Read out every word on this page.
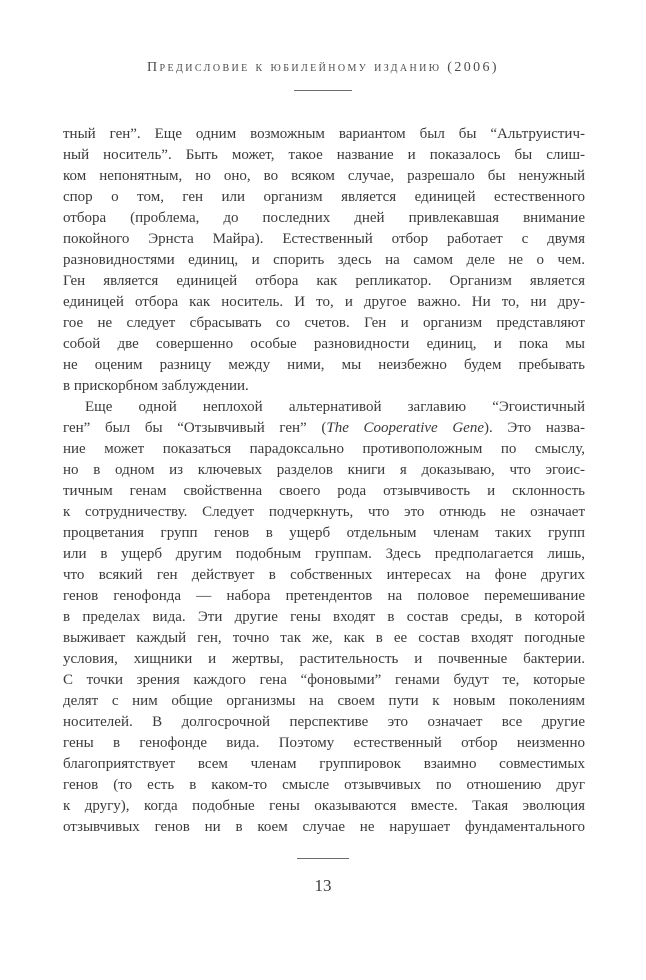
Предисловие к юбилейному изданию (2006)
тный ген”. Еще одним возможным вариантом был бы “Альтруистич-
ный носитель”. Быть может, такое название и показалось бы слиш-
ком непонятным, но оно, во всяком случае, разрешало бы ненужный
спор о том, ген или организм является единицей естественного
отбора (проблема, до последних дней привлекавшая внимание
покойного Эрнста Майра). Естественный отбор работает с двумя
разновидностями единиц, и спорить здесь на самом деле не о чем.
Ген является единицей отбора как репликатор. Организм является
единицей отбора как носитель. И то, и другое важно. Ни то, ни дру-
гое не следует сбрасывать со счетов. Ген и организм представляют
собой две совершенно особые разновидности единиц, и пока мы
не оценим разницу между ними, мы неизбежно будем пребывать
в прискорбном заблуждении.
Еще одной неплохой альтернативой заглавию “Эгоистичный
ген” был бы “Отзывчивый ген” (The Cooperative Gene). Это назва-
ние может показаться парадоксально противоположным по смыслу,
но в одном из ключевых разделов книги я доказываю, что эгоис-
тичным генам свойственна своего рода отзывчивость и склонность
к сотрудничеству. Следует подчеркнуть, что это отнюдь не означает
процветания групп генов в ущерб отдельным членам таких групп
или в ущерб другим подобным группам. Здесь предполагается лишь,
что всякий ген действует в собственных интересах на фоне других
генов генофонда — набора претендентов на половое перемешивание
в пределах вида. Эти другие гены входят в состав среды, в которой
выживает каждый ген, точно так же, как в ее состав входят погодные
условия, хищники и жертвы, растительность и почвенные бактерии.
С точки зрения каждого гена “фоновыми” генами будут те, которые
делят с ним общие организмы на своем пути к новым поколениям
носителей. В долгосрочной перспективе это означает все другие
гены в генофонде вида. Поэтому естественный отбор неизменно
благоприятствует всем членам группировок взаимно совместимых
генов (то есть в каком-то смысле отзывчивых по отношению друг
к другу), когда подобные гены оказываются вместе. Такая эволюция
отзывчивых генов ни в коем случае не нарушает фундаментального
13
